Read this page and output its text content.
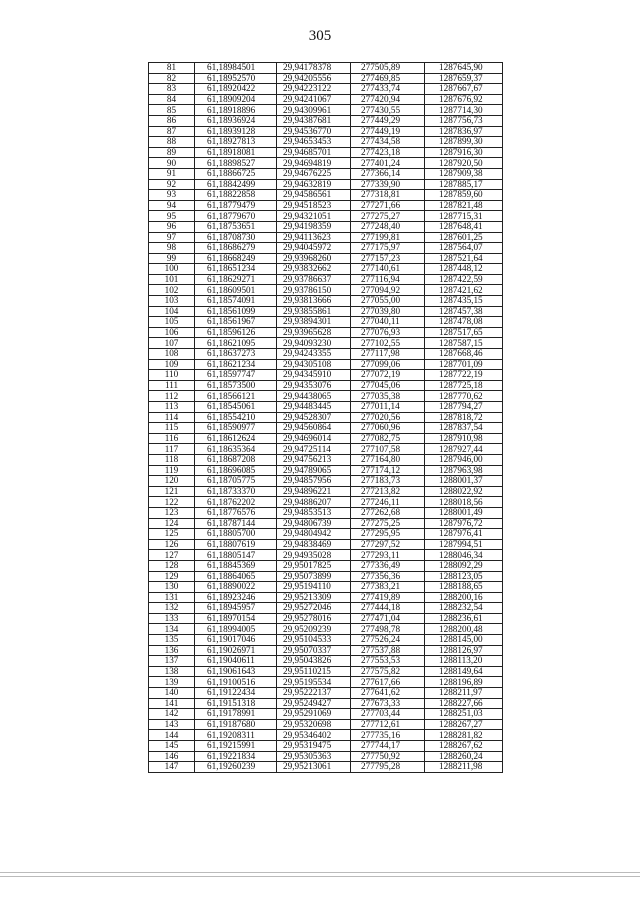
305
81	61,18984501	29,94178378	277505,89	1287645,90
82	61,18952570	29,94205556	277469,85	1287659,37
83	61,18920422	29,94223122	277433,74	1287667,67
84	61,18909204	29,94241067	277420,94	1287676,92
85	61,18918896	29,94309961	277430,55	1287714,30
86	61,18936924	29,94387681	277449,29	1287756,73
87	61,18939128	29,94536770	277449,19	1287836,97
88	61,18927813	29,94653453	277434,58	1287899,30
89	61,18918081	29,94685701	277423,18	1287916,30
90	61,18898527	29,94694819	277401,24	1287920,50
91	61,18866725	29,94676225	277366,14	1287909,38
92	61,18842499	29,94632819	277339,90	1287885,17
93	61,18822858	29,94586561	277318,81	1287859,60
94	61,18779479	29,94518523	277271,66	1287821,48
95	61,18779670	29,94321051	277275,27	1287715,31
96	61,18753651	29,94198359	277248,40	1287648,41
97	61,18708730	29,94113623	277199,81	1287601,25
98	61,18686279	29,94045972	277175,97	1287564,07
99	61,18668249	29,93968260	277157,23	1287521,64
100	61,18651234	29,93832662	277140,61	1287448,12
101	61,18629271	29,93786637	277116,94	1287422,59
102	61,18609501	29,93786150	277094,92	1287421,62
103	61,18574091	29,93813666	277055,00	1287435,15
104	61,18561099	29,93855861	277039,80	1287457,38
105	61,18561967	29,93894301	277040,11	1287478,08
106	61,18596126	29,93965628	277076,93	1287517,65
107	61,18621095	29,94093230	277102,55	1287587,15
108	61,18637273	29,94243355	277117,98	1287668,46
109	61,18621234	29,94305108	277099,06	1287701,09
110	61,18597747	29,94345910	277072,19	1287722,19
111	61,18573500	29,94353076	277045,06	1287725,18
112	61,18566121	29,94438065	277035,38	1287770,62
113	61,18545061	29,94483445	277011,14	1287794,27
114	61,18554210	29,94528307	277020,56	1287818,72
115	61,18590977	29,94560864	277060,96	1287837,54
116	61,18612624	29,94696014	277082,75	1287910,98
117	61,18635364	29,94725114	277107,58	1287927,44
118	61,18687208	29,94756213	277164,80	1287946,00
119	61,18696085	29,94789065	277174,12	1287963,98
120	61,18705775	29,94857956	277183,73	1288001,37
121	61,18733370	29,94896221	277213,82	1288022,92
122	61,18762202	29,94886207	277246,11	1288018,56
123	61,18776576	29,94853513	277262,68	1288001,49
124	61,18787144	29,94806739	277275,25	1287976,72
125	61,18805700	29,94804942	277295,95	1287976,41
126	61,18807619	29,94838469	277297,52	1287994,51
127	61,18805147	29,94935028	277293,11	1288046,34
128	61,18845369	29,95017825	277336,49	1288092,29
129	61,18864065	29,95073899	277356,36	1288123,05
130	61,18890022	29,95194110	277383,21	1288188,65
131	61,18923246	29,95213309	277419,89	1288200,16
132	61,18945957	29,95272046	277444,18	1288232,54
133	61,18970154	29,95278016	277471,04	1288236,61
134	61,18994005	29,95209239	277498,78	1288200,48
135	61,19017046	29,95104533	277526,24	1288145,00
136	61,19026971	29,95070337	277537,88	1288126,97
137	61,19040611	29,95043826	277553,53	1288113,20
138	61,19061643	29,95110215	277575,82	1288149,64
139	61,19100516	29,95195534	277617,66	1288196,89
140	61,19122434	29,95222137	277641,62	1288211,97
141	61,19151318	29,95249427	277673,33	1288227,66
142	61,19178991	29,95291069	277703,44	1288251,03
143	61,19187680	29,95320698	277712,61	1288267,27
144	61,19208311	29,95346402	277735,16	1288281,82
145	61,19215991	29,95319475	277744,17	1288267,62
146	61,19221834	29,95305363	277750,92	1288260,24
147	61,19260239	29,95213061	277795,28	1288211,98
